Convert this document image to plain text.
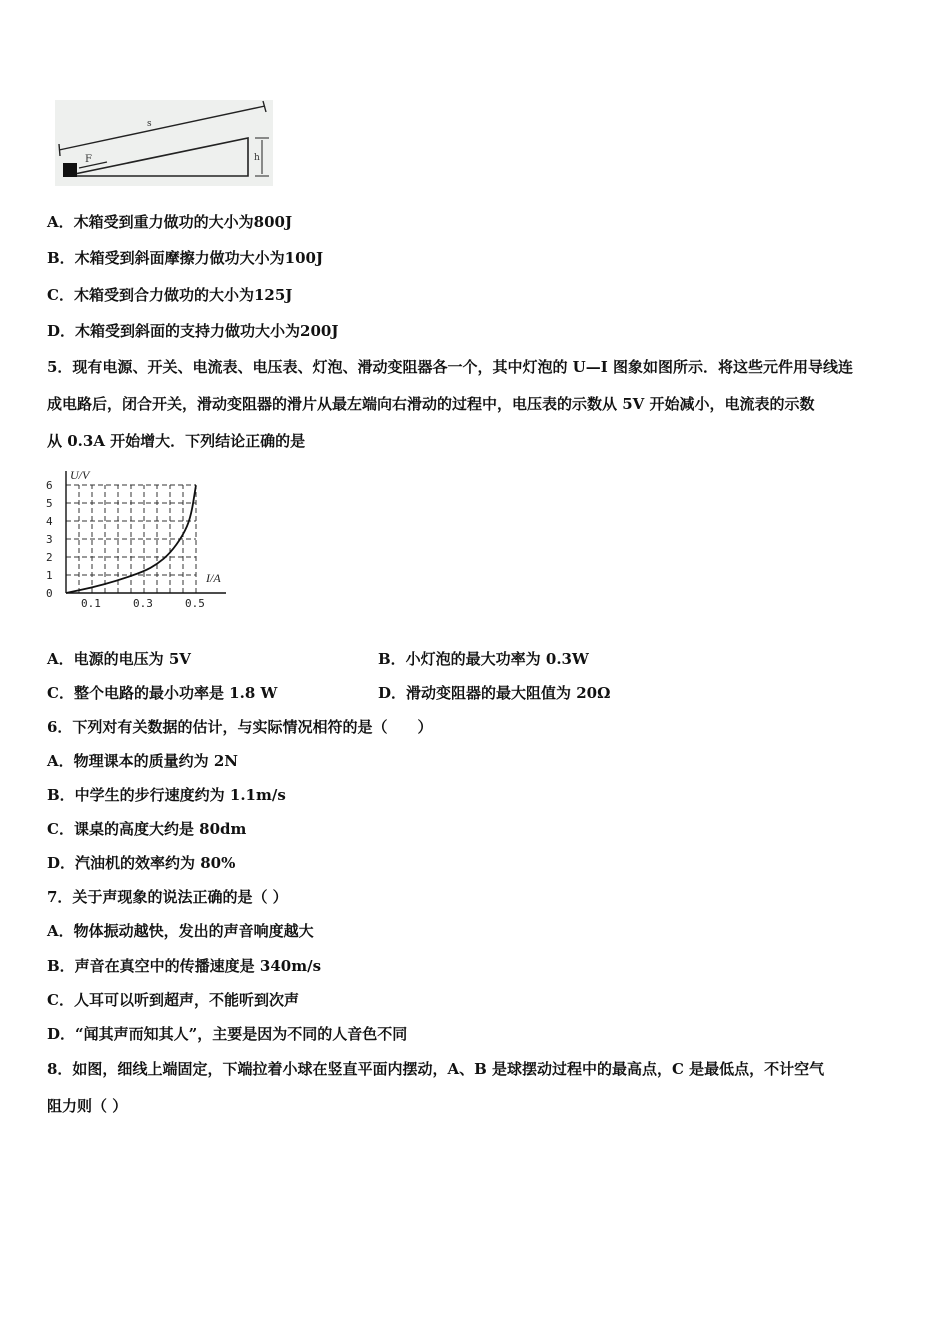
s
F	h
A．木箱受到重力做功的大小为800J
B．木箱受到斜面摩擦力做功大小为100J
C．木箱受到合力做功的大小为125J
D．木箱受到斜面的支持力做功大小为200J
5．现有电源、开关、电流表、电压表、灯泡、滑动变阻器各一个，其中灯泡的 U—I 图象如图所示．将这些元件用导线连
成电路后，闭合开关，滑动变阻器的滑片从最左端向右滑动的过程中，电压表的示数从 5V 开始减小，电流表的示数
从 0.3A 开始增大．下列结论正确的是
0
1
2
3
4
5
6
0.1	0.3	0.5
U/V
I/A
A．电源的电压为 5V	B．小灯泡的最大功率为 0.3W
C．整个电路的最小功率是 1.8 W	D．滑动变阻器的最大阻值为 20Ω
6．下列对有关数据的估计，与实际情况相符的是（　　）
A．物理课本的质量约为 2N
B．中学生的步行速度约为 1.1m/s
C．课桌的高度大约是 80dm
D．汽油机的效率约为 80%
7．关于声现象的说法正确的是（ ）
A．物体振动越快，发出的声音响度越大
B．声音在真空中的传播速度是 340m/s
C．人耳可以听到超声，不能听到次声
D．“闻其声而知其人”，主要是因为不同的人音色不同
8．如图，细线上端固定，下端拉着小球在竖直平面内摆动，A、B 是球摆动过程中的最高点，C 是最低点，不计空气
阻力则（ ）
